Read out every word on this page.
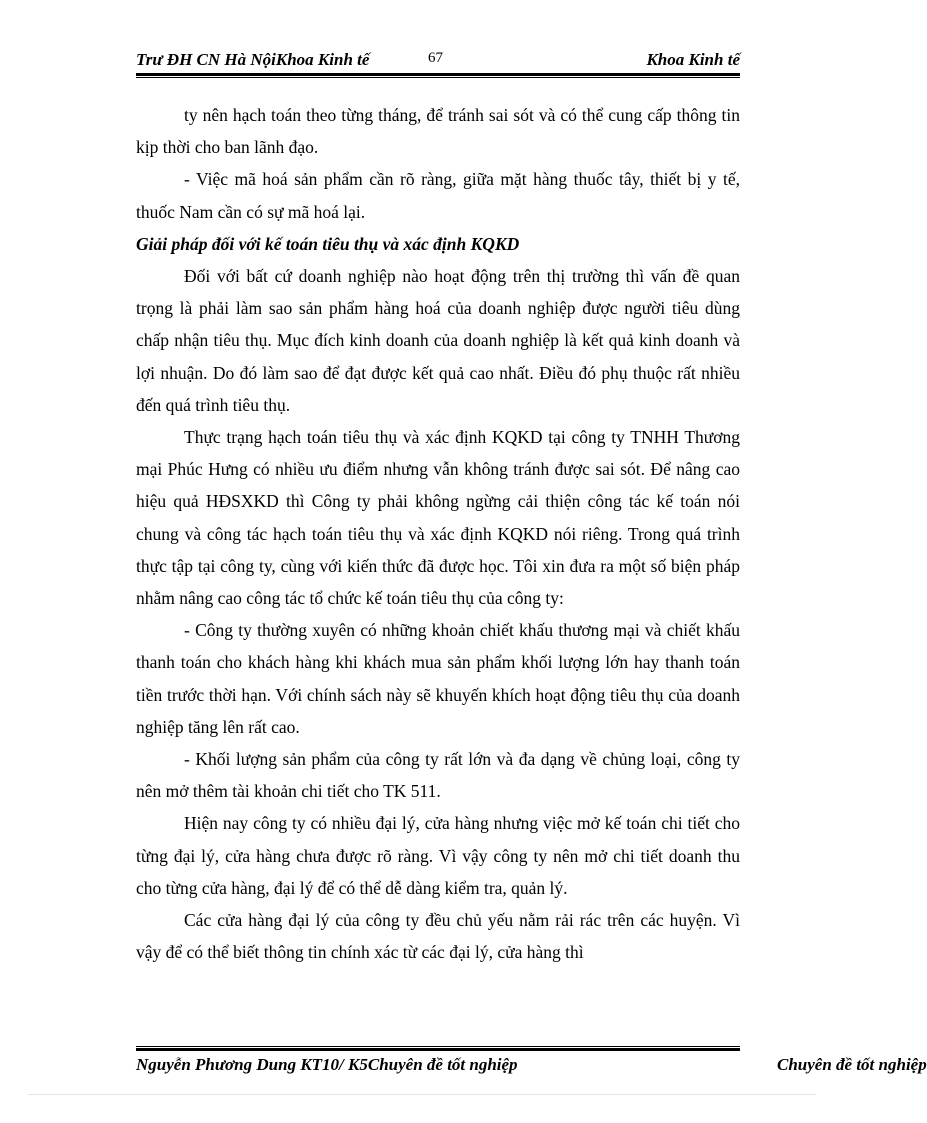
Trư ĐH CN Hà NộiKhoa Kinh tế	67	Khoa Kinh tế

ty nên hạch toán theo từng tháng, để tránh sai sót và có thể cung cấp thông tin kịp thời cho ban lãnh đạo.

- Việc mã hoá sản phẩm cần rõ ràng, giữa mặt hàng thuốc tây, thiết bị y tế, thuốc Nam cần có sự mã hoá lại.

Giải pháp đối với kế toán tiêu thụ và xác định KQKD

Đối với bất cứ doanh nghiệp nào hoạt động trên thị trường thì vấn đề quan trọng là phải làm sao sản phẩm hàng hoá của doanh nghiệp được người tiêu dùng chấp nhận tiêu thụ. Mục đích kinh doanh của doanh nghiệp là kết quả kinh doanh và lợi nhuận. Do đó làm sao để đạt được kết quả cao nhất. Điều đó phụ thuộc rất nhiều đến quá trình tiêu thụ.

Thực trạng hạch toán tiêu thụ và xác định KQKD tại công ty TNHH Thương mại Phúc Hưng có nhiều ưu điểm nhưng vẫn không tránh được sai sót. Để nâng cao hiệu quả HĐSXKD thì Công ty phải không ngừng cải thiện công tác kế toán nói chung và công tác hạch toán tiêu thụ và xác định KQKD nói riêng. Trong quá trình thực tập tại công ty, cùng với kiến thức đã được học. Tôi xin đưa ra một số biện pháp nhằm nâng cao công tác tổ chức kế toán tiêu thụ của công ty:

- Công ty thường xuyên có những khoản chiết khấu thương mại và chiết khấu thanh toán cho khách hàng khi khách mua sản phẩm khối lượng lớn hay thanh toán tiền trước thời hạn. Với chính sách này sẽ khuyến khích hoạt động tiêu thụ của doanh nghiệp tăng lên rất cao.

- Khối lượng sản phẩm của công ty rất lớn và đa dạng về chủng loại, công ty nên mở thêm tài khoản chi tiết cho TK 511.

Hiện nay công ty có nhiều đại lý, cửa hàng nhưng việc mở kế toán chi tiết cho từng đại lý, cửa hàng chưa được rõ ràng. Vì vậy công ty nên mở chi tiết doanh thu cho từng cửa hàng, đại lý để có thể dễ dàng kiểm tra, quản lý.

Các cửa hàng đại lý của công ty đều chủ yếu nằm rải rác trên các huyện. Vì vậy để có thể biết thông tin chính xác từ các đại lý, cửa hàng thì

Nguyễn Phương Dung KT10/ K5Chuyên đề tốt nghiệp	Chuyên đề tốt nghiệp
